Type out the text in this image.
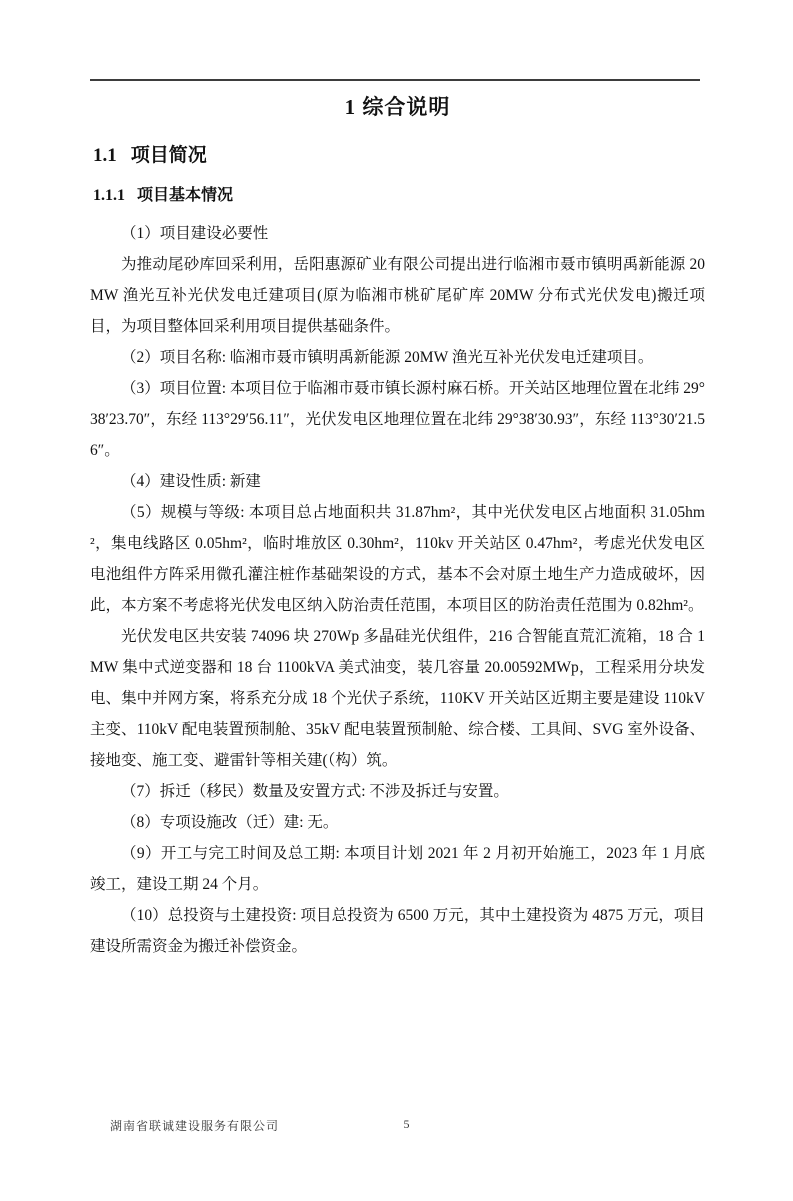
1 综合说明
1.1 项目简况
1.1.1 项目基本情况

（1）项目建设必要性

为推动尾砂库回采利用，岳阳惠源矿业有限公司提出进行临湘市聂市镇明禹新能源 20MW 渔光互补光伏发电迁建项目(原为临湘市桃矿尾矿库 20MW 分布式光伏发电)搬迁项目，为项目整体回采利用项目提供基础条件。

（2）项目名称: 临湘市聂市镇明禹新能源 20MW 渔光互补光伏发电迁建项目。

（3）项目位置: 本项目位于临湘市聂市镇长源村麻石桥。开关站区地理位置在北纬 29°38′23.70″，东经 113°29′56.11″，光伏发电区地理位置在北纬 29°38′30.93″，东经 113°30′21.56″。

（4）建设性质: 新建

（5）规模与等级: 本项目总占地面积共 31.87hm²，其中光伏发电区占地面积 31.05hm²，集电线路区 0.05hm²，临时堆放区 0.30hm²，110kv 开关站区 0.47hm²，考虑光伏发电区电池组件方阵采用微孔灌注桩作基础架设的方式，基本不会对原土地生产力造成破坏，因此，本方案不考虑将光伏发电区纳入防治责任范围，本项目区的防治责任范围为 0.82hm²。

光伏发电区共安装 74096 块 270Wp 多晶硅光伏组件，216 合智能直荒汇流箱，18 合 1MW 集中式逆变器和 18 台 1100kVA 美式油变，装几容量 20.00592MWp，工程采用分块发电、集中并网方案，将系充分成 18 个光伏子系统，110KV 开关站区近期主要是建设 110kV 主变、110kV 配电装置预制舱、35kV 配电装置预制舱、综合楼、工具间、SVG 室外设备、接地变、施工变、避雷针等相关建(（构）筑。

（7）拆迁（移民）数量及安置方式: 不涉及拆迁与安置。

（8）专项设施改（迁）建: 无。

（9）开工与完工时间及总工期: 本项目计划 2021 年 2 月初开始施工，2023 年 1 月底竣工，建设工期 24 个月。

（10）总投资与土建投资: 项目总投资为 6500 万元，其中土建投资为 4875 万元，项目建设所需资金为搬迁补偿资金。

湖南省联诚建设服务有限公司	5
